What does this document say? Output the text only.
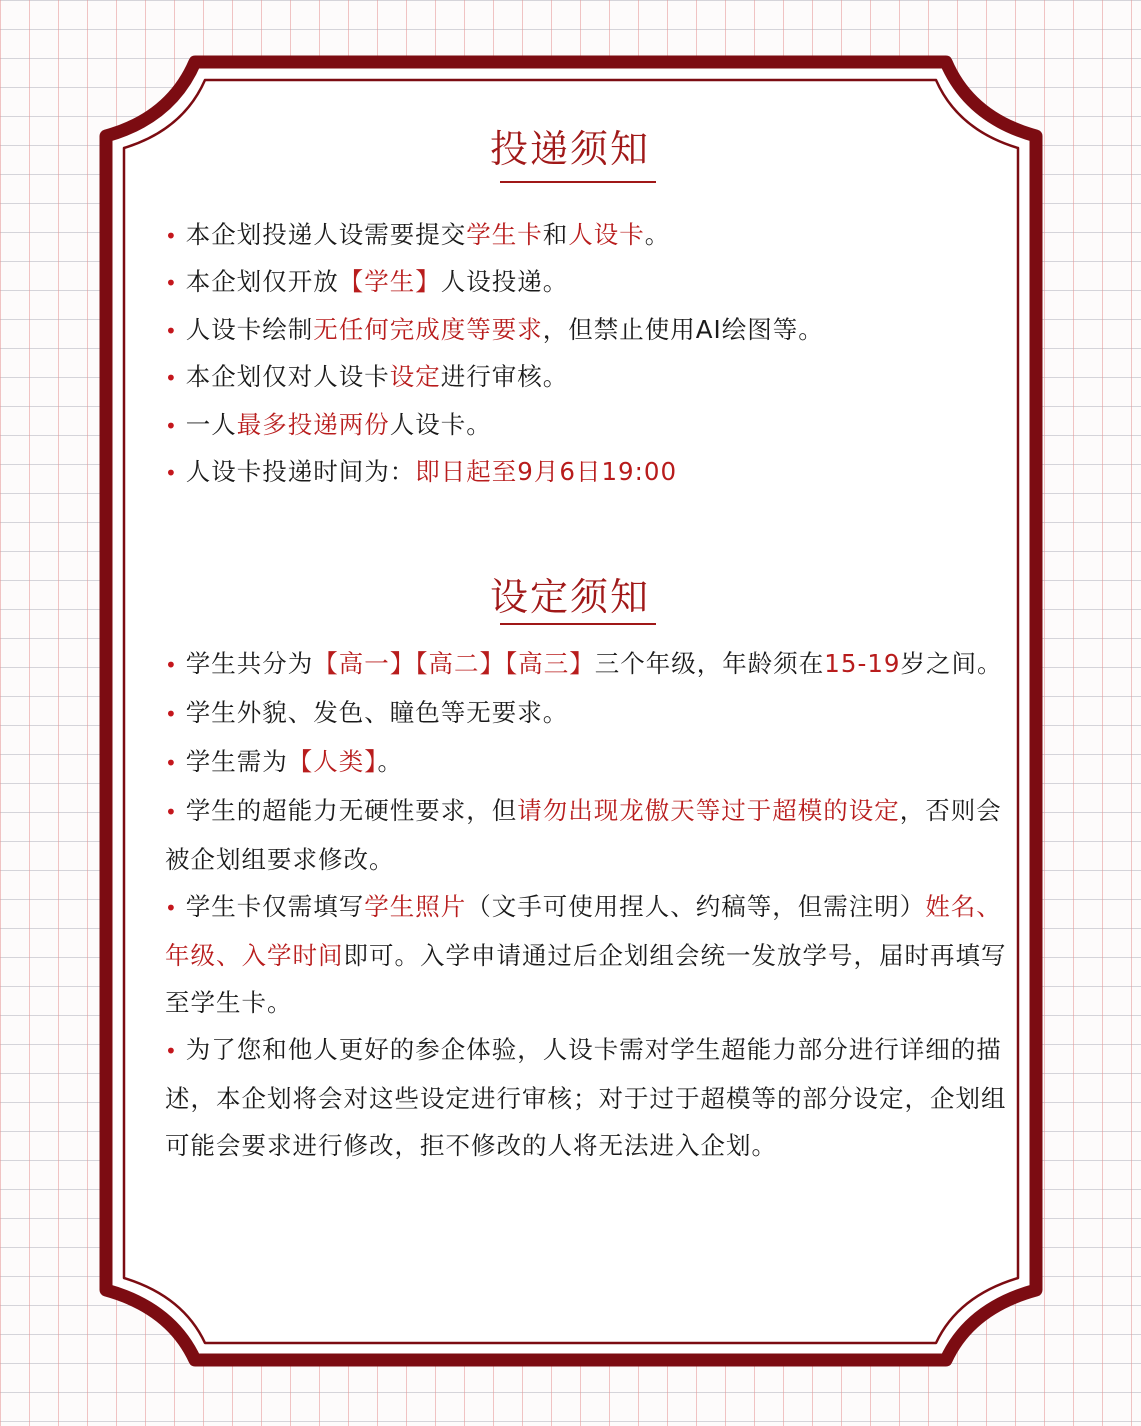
投递须知
• 本企划投递人设需要提交学生卡和人设卡。
• 本企划仅开放【学生】人设投递。
• 人设卡绘制无任何完成度等要求，但禁止使用AI绘图等。
• 本企划仅对人设卡设定进行审核。
• 一人最多投递两份人设卡。
• 人设卡投递时间为：即日起至9月6日19:00
设定须知
• 学生共分为【高一】【高二】【高三】三个年级，年龄须在15-19岁之间。
• 学生外貌、发色、瞳色等无要求。
• 学生需为【人类】。
• 学生的超能力无硬性要求，但请勿出现龙傲天等过于超模的设定，否则会被企划组要求修改。
• 学生卡仅需填写学生照片（文手可使用捏人、约稿等，但需注明）姓名、年级、入学时间即可。入学申请通过后企划组会统一发放学号，届时再填写至学生卡。
• 为了您和他人更好的参企体验，人设卡需对学生超能力部分进行详细的描述，本企划将会对这些设定进行审核；对于过于超模等的部分设定，企划组可能会要求进行修改，拒不修改的人将无法进入企划。
